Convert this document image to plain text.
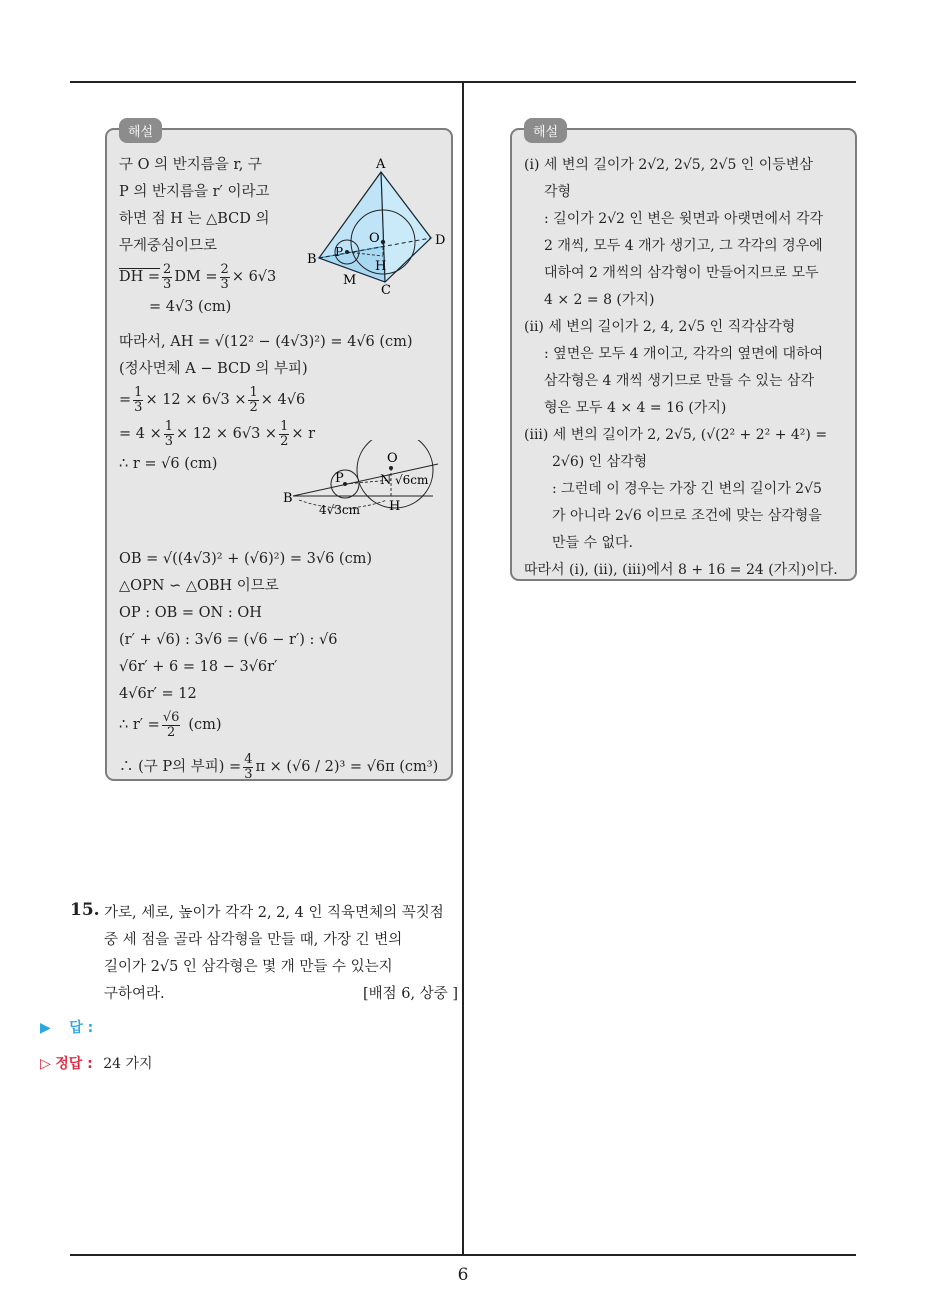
해설
A
B
C
D
M
H
O
P
O
P	N
B
H
√6cm
4√3cm
구 O 의 반지름을 r, 구
P 의 반지름을 r′ 이라고
하면 점 H 는 △BCD 의
무게중심이므로
DH = $\frac{2}{3}$ DM = $\frac{2}{3} \times 6√3$
= 4√3 (cm)
따라서, AH = √(12² − (4√3)²) = 4√6 (cm)
(정사면체 A − BCD 의 부피)
= $\frac{1}{3} \times 12 \times 6√3 \times \frac{1}{2} \times 4√6$
= $4 \times \frac{1}{3} \times 12 \times 6√3 \times \frac{1}{2} \times r$
∴ r = √6 (cm)
OB = √((4√3)² + (√6)²) = 3√6 (cm)
△OPN ∽ △OBH 이므로
OP : OB = ON : OH
(r′ + √6) : 3√6 = (√6 − r′) : √6
√6r′ + 6 = 18 − 3√6r′
4√6r′ = 12
∴ $r' = \frac{√6}{2} (cm)$
∴ (구 P의 부피) = $\frac{4}{3}$ π × (√6 / 2)³ = √6π (cm³)
해설
(i) 세 변의 길이가 2√2, 2√5, 2√5 인 이등변삼
각형
: 길이가 2√2 인 변은 윗면과 아랫면에서 각각
2 개씩, 모두 4 개가 생기고, 그 각각의 경우에
대하여 2 개씩의 삼각형이 만들어지므로 모두
4 × 2 = 8 (가지)
(ii) 세 변의 길이가 2, 4, 2√5 인 직각삼각형
: 옆면은 모두 4 개이고, 각각의 옆면에 대하여
삼각형은 4 개씩 생기므로 만들 수 있는 삼각
형은 모두 4 × 4 = 16 (가지)
(iii) 세 변의 길이가 2, 2√5, (√(2² + 2² + 4²) =
2√6) 인 삼각형
: 그런데 이 경우는 가장 긴 변의 길이가 2√5
가 아니라 2√6 이므로 조건에 맞는 삼각형을
만들 수 없다.
따라서 (i), (ii), (iii)에서 8 + 16 = 24 (가지)이다.
15. 가로, 세로, 높이가 각각 2, 2, 4 인 직육면체의 꼭짓점
중 세 점을 골라 삼각형을 만들 때, 가장 긴 변의
길이가 2√5 인 삼각형은 몇 개 만들 수 있는지
구하여라.	[배점 6, 상중 ]
▶ 답 :
▷ 정답 : 24 가지
6
